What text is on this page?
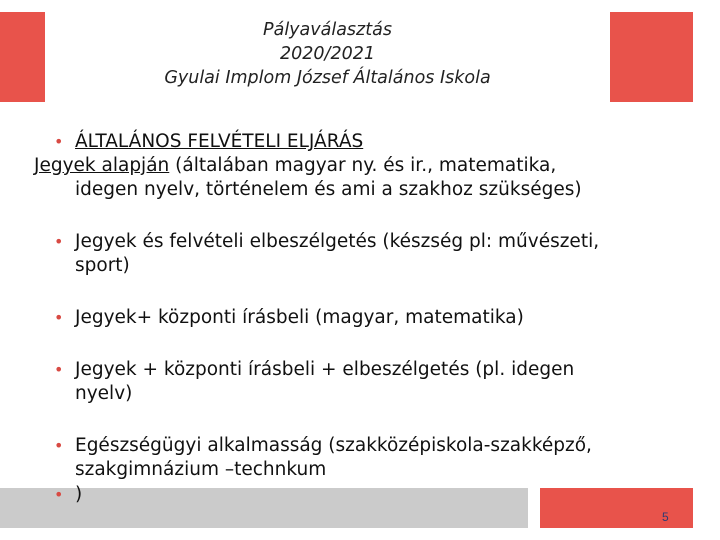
Pályaválasztás
2020/2021
Gyulai Implom József Általános Iskola
• ÁLTALÁNOS FELVÉTELI ELJÁRÁS
Jegyek alapján (általában magyar ny. és ir., matematika,
idegen nyelv, történelem és ami a szakhoz szükséges)
• Jegyek és felvételi elbeszélgetés (készség pl: művészeti,
sport)
• Jegyek+ központi írásbeli (magyar, matematika)
• Jegyek + központi írásbeli + elbeszélgetés (pl. idegen
nyelv)
• Egészségügyi alkalmasság (szakközépiskola-szakképző,
szakgimnázium –technkum
• )
5
